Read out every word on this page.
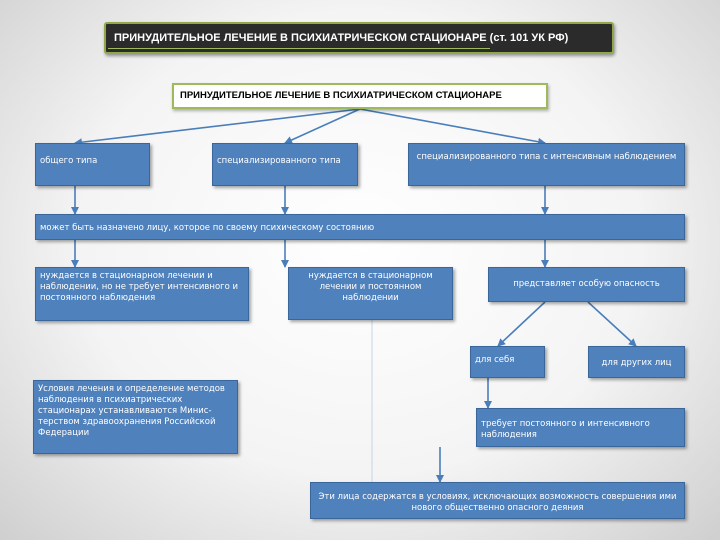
ПРИНУДИТЕЛЬНОЕ ЛЕЧЕНИЕ В ПСИХИАТРИЧЕСКОМ СТАЦИОНАРЕ (ст. 101 УК РФ)
ПРИНУДИТЕЛЬНОЕ ЛЕЧЕНИЕ В ПСИХИАТРИЧЕСКОМ СТАЦИОНАРЕ
общего типа	специализированного типа	специализированного типа с интенсивным наблюдением
может быть назначено лицу, которое по своему психическому состоянию
нуждается в стационарном лечении и наблюдении, но не требует интенсивного и постоянного наблюдения
нуждается в стационарном лечении и постоянном наблюдении
представляет особую опасность
для себя	для других лиц
Условия лечения и определение методов наблюдения в психиатрических стационарах устанавливаются Минис-терством здравоохранения Российской Федерации
требует постоянного и интенсивного наблюдения
Эти лица содержатся в условиях, исключающих возможность совершения ими нового общественно опасного деяния
